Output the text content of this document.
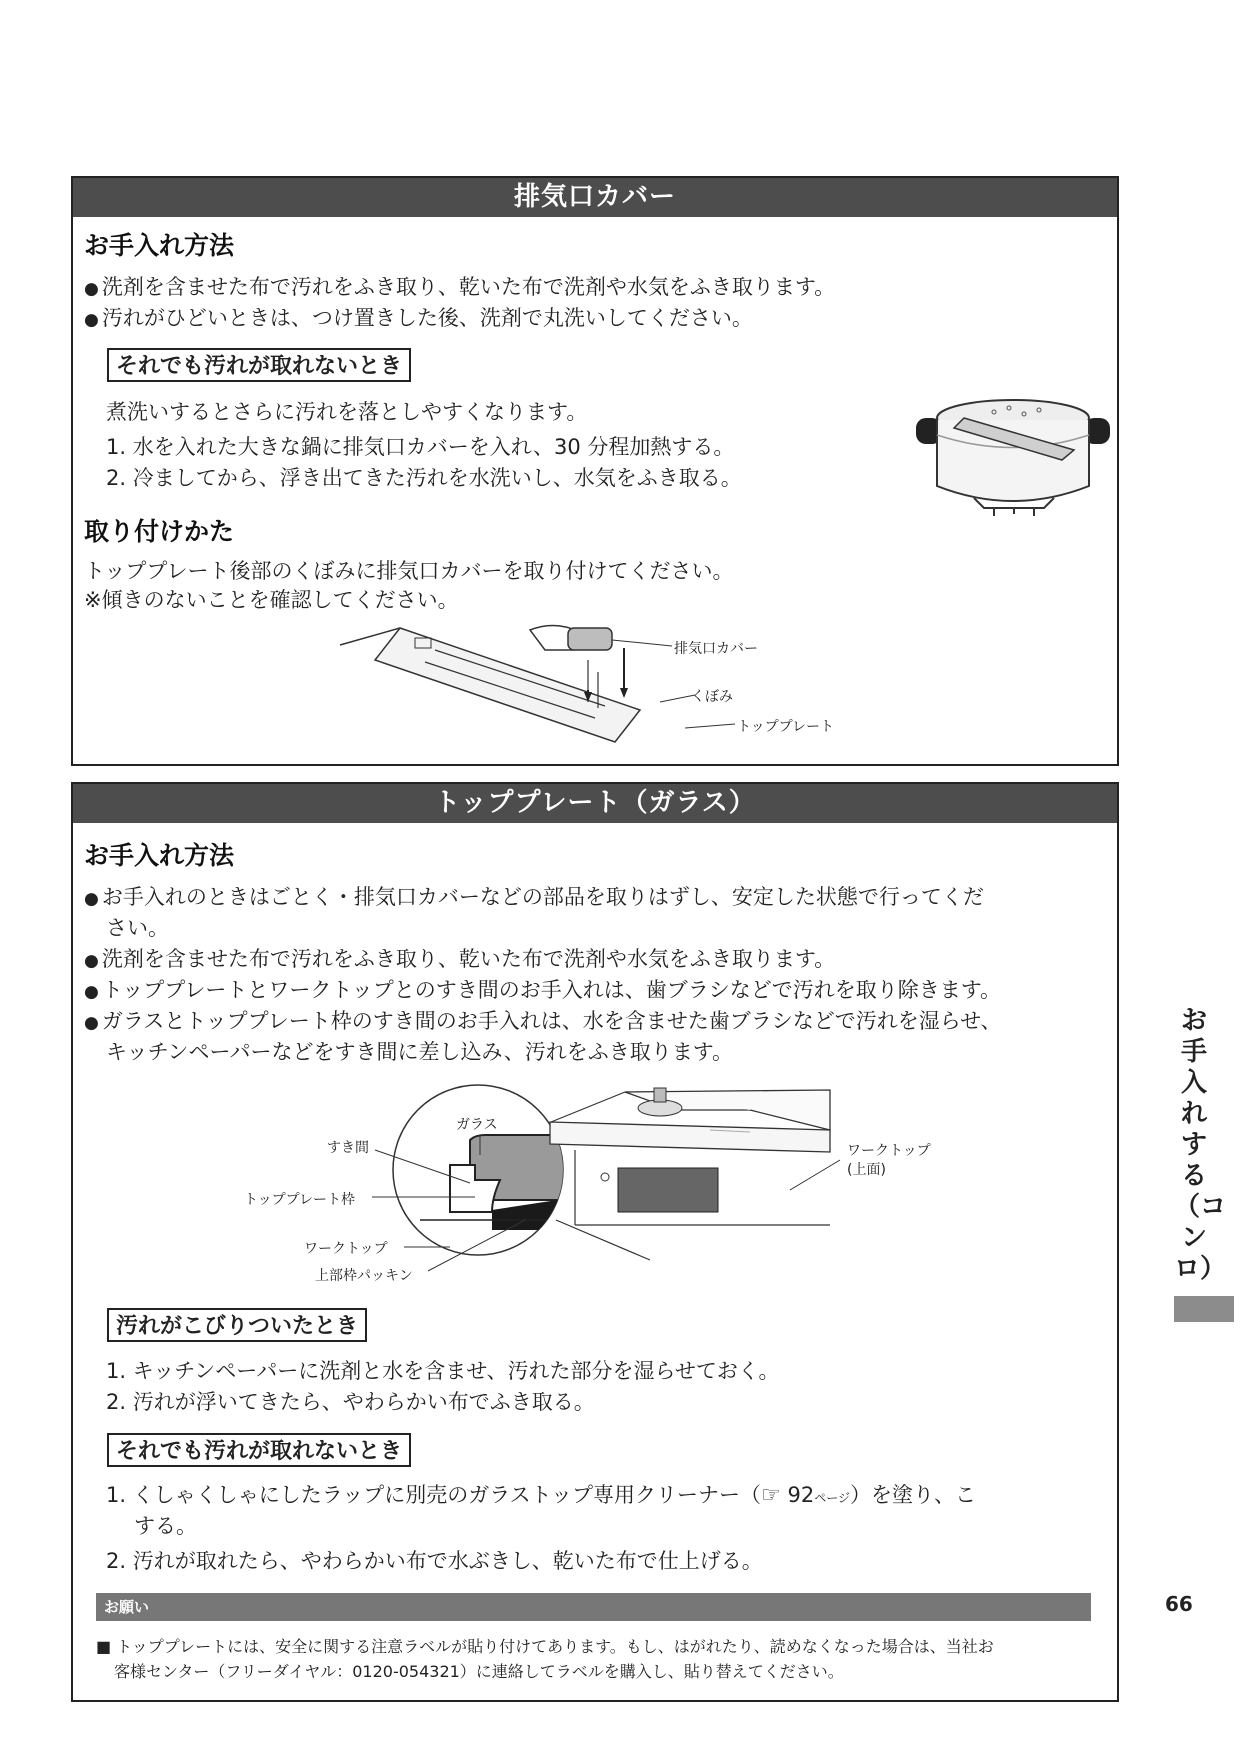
排気口カバー
お手入れ方法
● 洗剤を含ませた布で汚れをふき取り、乾いた布で洗剤や水気をふき取ります。
● 汚れがひどいときは、つけ置きした後、洗剤で丸洗いしてください。
それでも汚れが取れないとき
煮洗いするとさらに汚れを落としやすくなります。
1. 水を入れた大きな鍋に排気口カバーを入れ、30 分程加熱する。
2. 冷ましてから、浮き出てきた汚れを水洗いし、水気をふき取る。
取り付けかた
トッププレート後部のくぼみに排気口カバーを取り付けてください。
※傾きのないことを確認してください。
排気口カバー
くぼみ
トッププレート
トッププレート（ガラス）
お手入れ方法
● お手入れのときはごとく・排気口カバーなどの部品を取りはずし、安定した状態で行ってくだ
さい。
● 洗剤を含ませた布で汚れをふき取り、乾いた布で洗剤や水気をふき取ります。
● トッププレートとワークトップとのすき間のお手入れは、歯ブラシなどで汚れを取り除きます。
● ガラスとトッププレート枠のすき間のお手入れは、水を含ませた歯ブラシなどで汚れを湿らせ、
キッチンペーパーなどをすき間に差し込み、汚れをふき取ります。
ガラス
すき間
トッププレート枠
ワークトップ
上部枠パッキン
ワークトップ
(上面)
汚れがこびりついたとき
1. キッチンペーパーに洗剤と水を含ませ、汚れた部分を湿らせておく。
2. 汚れが浮いてきたら、やわらかい布でふき取る。
それでも汚れが取れないとき
1. くしゃくしゃにしたラップに別売のガラストップ専用クリーナー（☞ 92ページ）を塗り、こ
する。
2. 汚れが取れたら、やわらかい布で水ぶきし、乾いた布で仕上げる。
お願い
■ トッププレートには、安全に関する注意ラベルが貼り付けてあります。もし、はがれたり、読めなくなった場合は、当社お
客様センター（フリーダイヤル：0120-054321）に連絡してラベルを購入し、貼り替えてください。
お手入れする（コンロ）
66
